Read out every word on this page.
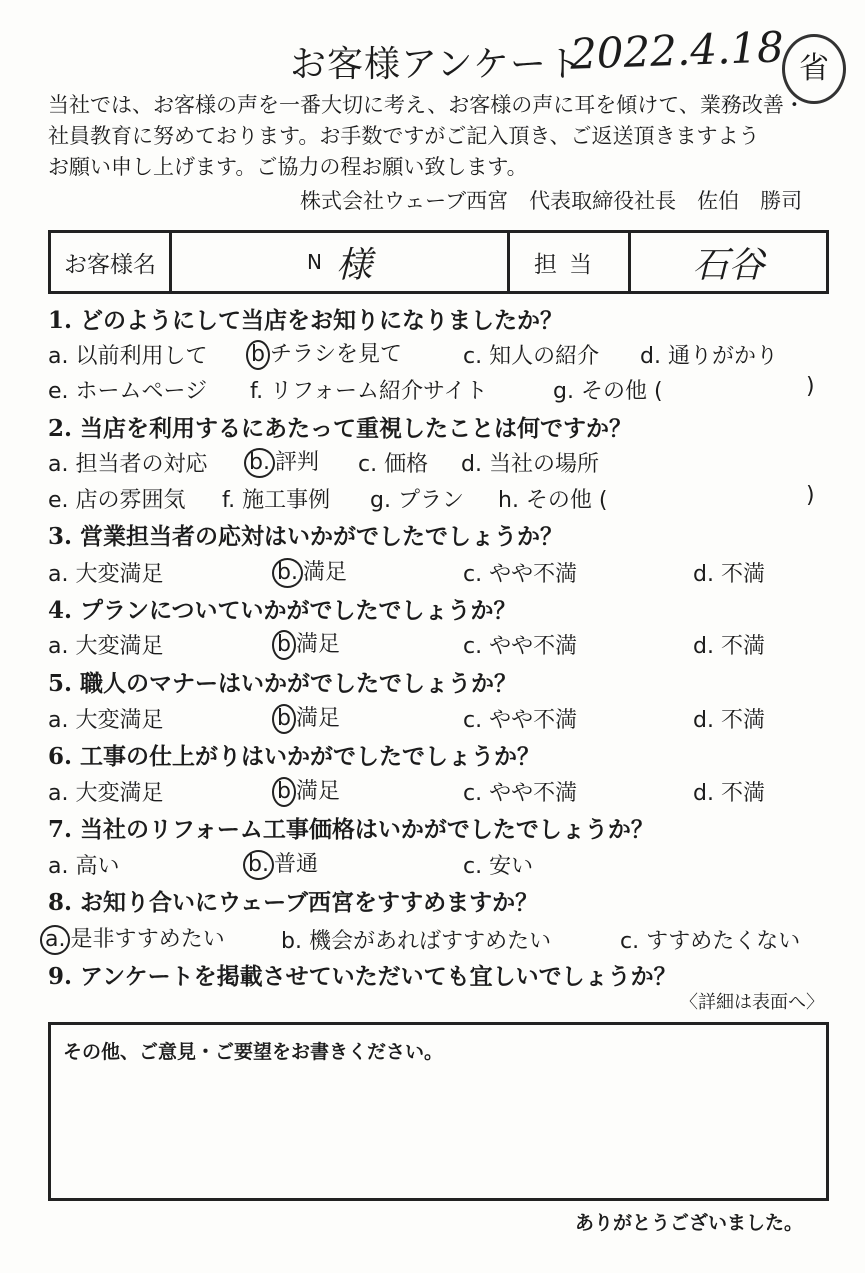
お客様アンケート
2022.4.18 省
当社では、お客様の声を一番大切に考え、お客様の声に耳を傾けて、業務改善・
社員教育に努めております。お手数ですがご記入頂き、ご返送頂きますよう
お願い申し上げます。ご協力の程お願い致します。
株式会社ウェーブ西宮　代表取締役社長　佐伯　勝司
お客様名	N 様	担当	石谷
1. どのようにして当店をお知りになりましたか？
a. 以前利用して b チラシを見て	c. 知人の紹介 d. 通りがかり
e. ホームページ f. リフォーム紹介サイト	g. その他 (	)
2. 当店を利用するにあたって重視したことは何ですか？
a. 担当者の対応 b. 評判 c. 価格 d. 当社の場所
e. 店の雰囲気 f. 施工事例 g. プラン h. その他 (	)
3. 営業担当者の応対はいかがでしたでしょうか？
a. 大変満足	b. 満足	c. やや不満	d. 不満
4. プランについていかがでしたでしょうか？
a. 大変満足	b 満足	c. やや不満	d. 不満
5. 職人のマナーはいかがでしたでしょうか？
a. 大変満足	b 満足	c. やや不満	d. 不満
6. 工事の仕上がりはいかがでしたでしょうか？
a. 大変満足	b 満足	c. やや不満	d. 不満
7. 当社のリフォーム工事価格はいかがでしたでしょうか？
a. 高い	b. 普通	c. 安い
8. お知り合いにウェーブ西宮をすすめますか？
a. 是非すすめたい	b. 機会があればすすめたい	c. すすめたくない
9. アンケートを掲載させていただいても宜しいでしょうか？
〈詳細は表面へ〉
その他、ご意見・ご要望をお書きください。
ありがとうございました。
